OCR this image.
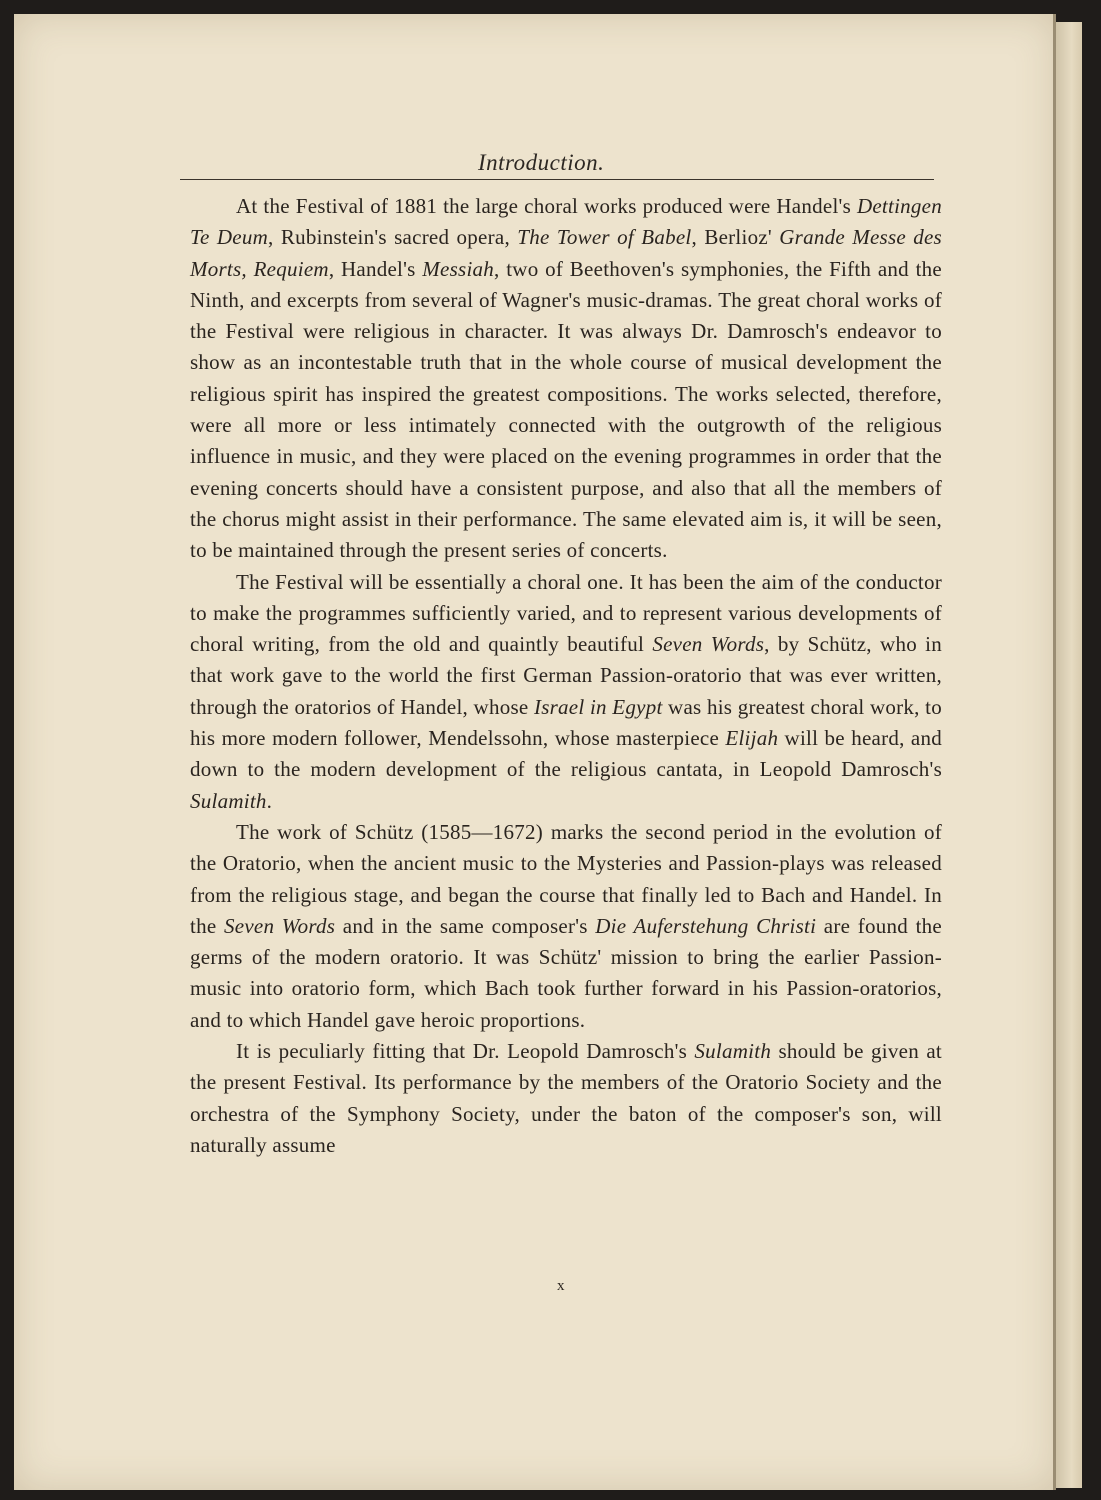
Introduction.

At the Festival of 1881 the large choral works produced were Handel's Dettingen Te Deum, Rubinstein's sacred opera, The Tower of Babel, Berlioz' Grande Messe des Morts, Requiem, Handel's Messiah, two of Beethoven's symphonies, the Fifth and the Ninth, and excerpts from several of Wagner's music-dramas. The great choral works of the Festival were religious in character. It was always Dr. Damrosch's endeavor to show as an incontestable truth that in the whole course of musical development the religious spirit has inspired the greatest compositions. The works selected, therefore, were all more or less intimately connected with the outgrowth of the religious influence in music, and they were placed on the evening programmes in order that the evening concerts should have a consistent purpose, and also that all the members of the chorus might assist in their performance. The same elevated aim is, it will be seen, to be maintained through the present series of concerts.

The Festival will be essentially a choral one. It has been the aim of the conductor to make the programmes sufficiently varied, and to represent various developments of choral writing, from the old and quaintly beautiful Seven Words, by Schütz, who in that work gave to the world the first German Passion-oratorio that was ever written, through the oratorios of Handel, whose Israel in Egypt was his greatest choral work, to his more modern follower, Mendelssohn, whose masterpiece Elijah will be heard, and down to the modern development of the religious cantata, in Leopold Damrosch's Sulamith.

The work of Schütz (1585—1672) marks the second period in the evolution of the Oratorio, when the ancient music to the Mysteries and Passion-plays was released from the religious stage, and began the course that finally led to Bach and Handel. In the Seven Words and in the same composer's Die Auferstehung Christi are found the germs of the modern oratorio. It was Schütz' mission to bring the earlier Passion-music into oratorio form, which Bach took further forward in his Passion-oratorios, and to which Handel gave heroic proportions.

It is peculiarly fitting that Dr. Leopold Damrosch's Sulamith should be given at the present Festival. Its performance by the members of the Oratorio Society and the orchestra of the Symphony Society, under the baton of the composer's son, will naturally assume

x
